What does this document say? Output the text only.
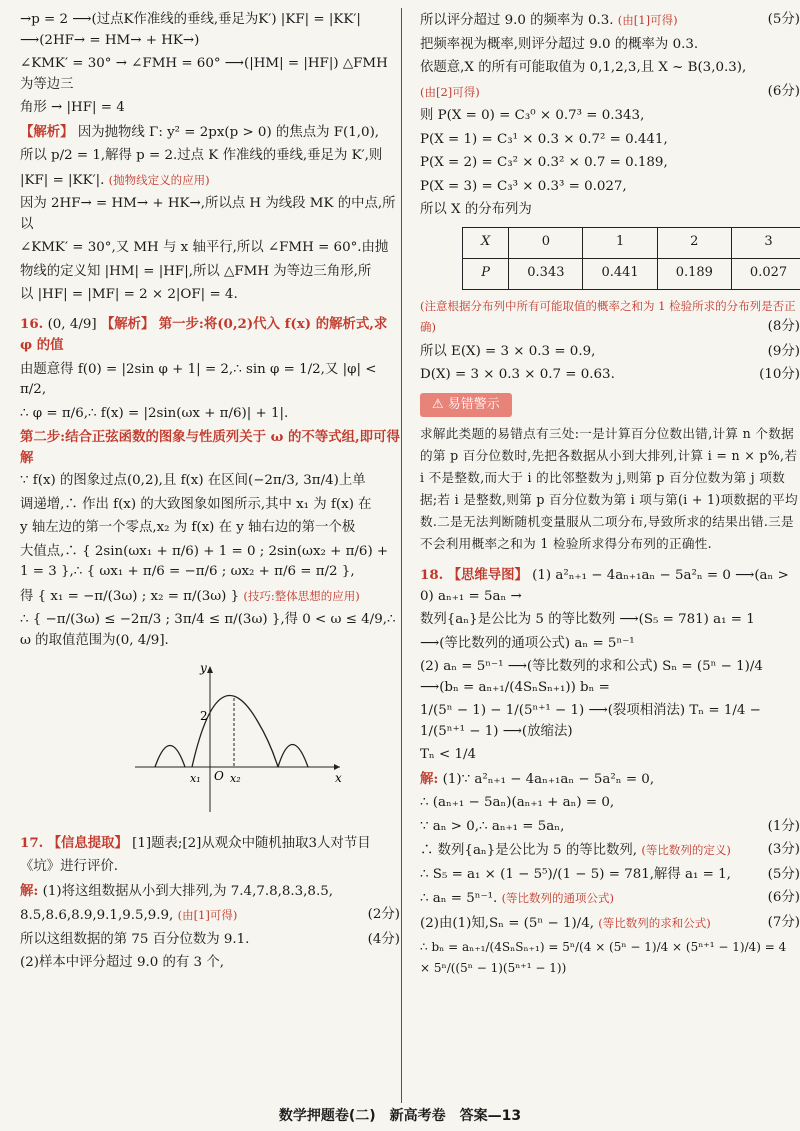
→p = 2 ⟶(过点K作准线的垂线,垂足为K′) |KF| = |KK′| ⟶(2HF→ = HM→ + HK→)

∠KMK′ = 30° → ∠FMH = 60° ⟶(|HM| = |HF|) △FMH 为等边三

角形 → |HF| = 4

【解析】 因为抛物线 Γ: y² = 2px(p > 0) 的焦点为 F(1,0),

所以 p/2 = 1,解得 p = 2.过点 K 作准线的垂线,垂足为 K′,则

|KF| = |KK′|. (抛物线定义的应用)

因为 2HF→ = HM→ + HK→,所以点 H 为线段 MK 的中点,所以

∠KMK′ = 30°,又 MH 与 x 轴平行,所以 ∠FMH = 60°.由抛

物线的定义知 |HM| = |HF|,所以 △FMH 为等边三角形,所

以 |HF| = |MF| = 2 × 2|OF| = 4.

16. (0, 4/9] 【解析】 第一步:将(0,2)代入 f(x) 的解析式,求 φ 的值

由题意得 f(0) = |2sin φ + 1| = 2,∴ sin φ = 1/2,又 |φ| < π/2,

∴ φ = π/6,∴ f(x) = |2sin(ωx + π/6)| + 1|.

第二步:结合正弦函数的图象与性质列关于 ω 的不等式组,即可得解

∵ f(x) 的图象过点(0,2),且 f(x) 在区间(−2π/3, 3π/4)上单

调递增,∴ 作出 f(x) 的大致图象如图所示,其中 x₁ 为 f(x) 在

y 轴左边的第一个零点,x₂ 为 f(x) 在 y 轴右边的第一个极

大值点,∴ { 2sin(ωx₁ + π/6) + 1 = 0 ; 2sin(ωx₂ + π/6) + 1 = 3 },∴ { ωx₁ + π/6 = −π/6 ; ωx₂ + π/6 = π/2 },

得 { x₁ = −π/(3ω) ; x₂ = π/(3ω) } (技巧:整体思想的应用)

∴ { −π/(3ω) ≤ −2π/3 ; 3π/4 ≤ π/(3ω) },得 0 < ω ≤ 4/9,∴ ω 的取值范围为(0, 4/9].

y
x
2
O
x₁	x₂

17. 【信息提取】 [1]题表;[2]从观众中随机抽取3人对节目

《坑》进行评价.

解: (1)将这组数据从小到大排列,为 7.4,7.8,8.3,8.5,

8.5,8.6,8.9,9.1,9.5,9.9, (由[1]可得)	(2分)

所以这组数据的第 75 百分位数为 9.1.	(4分)

(2)样本中评分超过 9.0 的有 3 个,

所以评分超过 9.0 的频率为 0.3. (由[1]可得)	(5分)

把频率视为概率,则评分超过 9.0 的概率为 0.3.

依题意,X 的所有可能取值为 0,1,2,3,且 X ~ B(3,0.3),

(由[2]可得)	(6分)

则 P(X = 0) = C₃⁰ × 0.7³ = 0.343,

P(X = 1) = C₃¹ × 0.3 × 0.7² = 0.441,

P(X = 2) = C₃² × 0.3² × 0.7 = 0.189,

P(X = 3) = C₃³ × 0.3³ = 0.027,

所以 X 的分布列为

X	0	1	2	3
P	0.343	0.441	0.189	0.027

(注意根据分布列中所有可能取值的概率之和为 1 检验所求的分布列是否正确)	(8分)

所以 E(X) = 3 × 0.3 = 0.9,	(9分)

D(X) = 3 × 0.3 × 0.7 = 0.63.	(10分)

⚠ 易错警示

求解此类题的易错点有三处:一是计算百分位数出错,计算 n 个数据的第 p 百分位数时,先把各数据从小到大排列,计算 i = n × p%,若 i 不是整数,而大于 i 的比邻整数为 j,则第 p 百分位数为第 j 项数据;若 i 是整数,则第 p 百分位数为第 i 项与第(i + 1)项数据的平均数.二是无法判断随机变量服从二项分布,导致所求的结果出错.三是不会利用概率之和为 1 检验所求得分布列的正确性.

18. 【思维导图】 (1) a²ₙ₊₁ − 4aₙ₊₁aₙ − 5a²ₙ = 0 ⟶(aₙ > 0) aₙ₊₁ = 5aₙ →

数列{aₙ}是公比为 5 的等比数列 ⟶(S₅ = 781) a₁ = 1

⟶(等比数列的通项公式) aₙ = 5ⁿ⁻¹

(2) aₙ = 5ⁿ⁻¹ ⟶(等比数列的求和公式) Sₙ = (5ⁿ − 1)/4 ⟶(bₙ = aₙ₊₁/(4SₙSₙ₊₁)) bₙ =

1/(5ⁿ − 1) − 1/(5ⁿ⁺¹ − 1) ⟶(裂项相消法) Tₙ = 1/4 − 1/(5ⁿ⁺¹ − 1) ⟶(放缩法)

Tₙ < 1/4

解: (1)∵ a²ₙ₊₁ − 4aₙ₊₁aₙ − 5a²ₙ = 0,

∴ (aₙ₊₁ − 5aₙ)(aₙ₊₁ + aₙ) = 0,

∵ aₙ > 0,∴ aₙ₊₁ = 5aₙ,	(1分)

∴ 数列{aₙ}是公比为 5 的等比数列, (等比数列的定义)	(3分)

∴ S₅ = a₁ × (1 − 5⁵)/(1 − 5) = 781,解得 a₁ = 1,	(5分)

∴ aₙ = 5ⁿ⁻¹. (等比数列的通项公式)	(6分)

(2)由(1)知,Sₙ = (5ⁿ − 1)/4, (等比数列的求和公式)	(7分)

∴ bₙ = aₙ₊₁/(4SₙSₙ₊₁) = 5ⁿ/(4 × (5ⁿ − 1)/4 × (5ⁿ⁺¹ − 1)/4) = 4 × 5ⁿ/((5ⁿ − 1)(5ⁿ⁺¹ − 1))

数学押题卷(二)　新高考卷　答案—13
